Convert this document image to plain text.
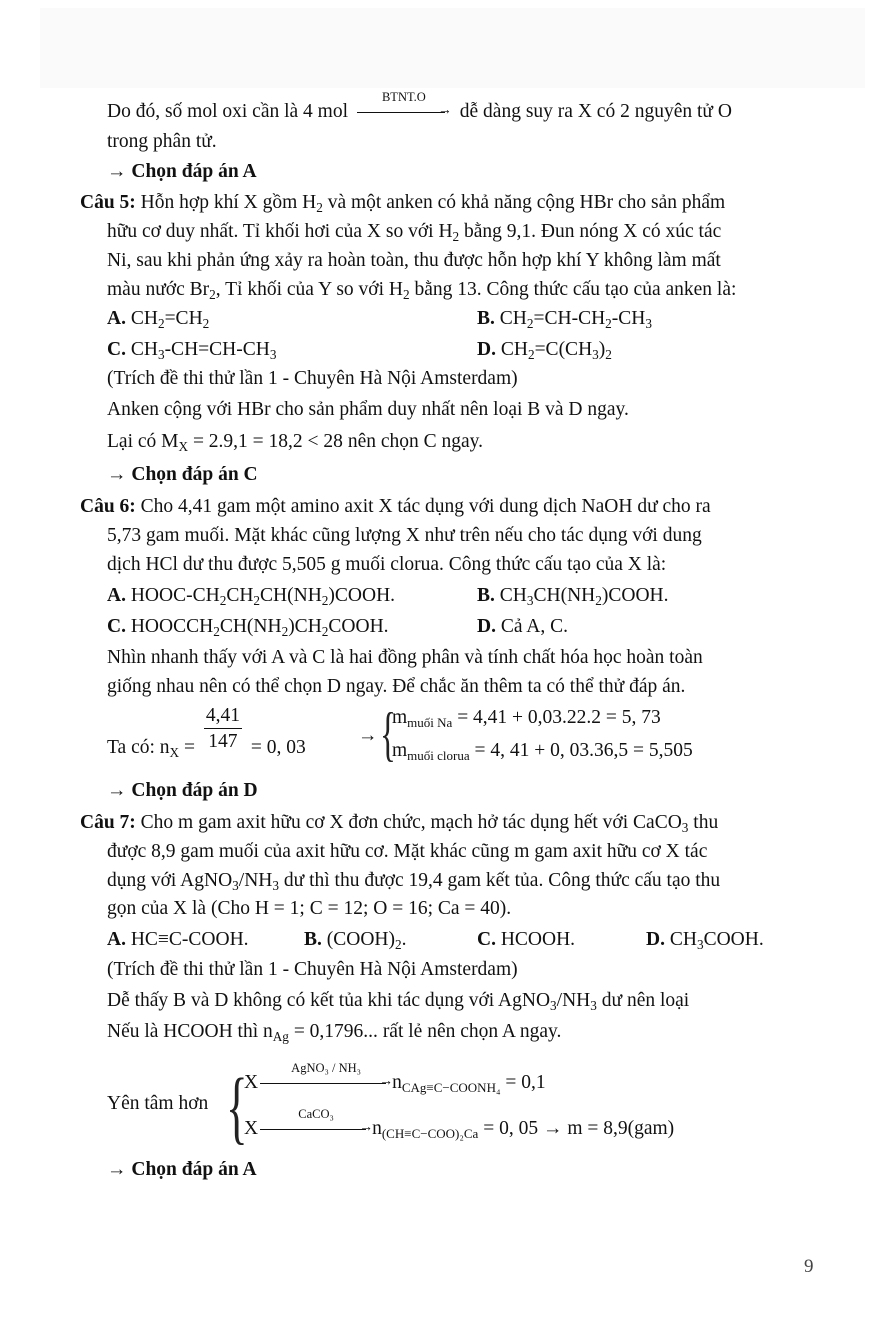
Do đó, số mol oxi cần là 4 mol
BTNT.O
→ dễ dàng suy ra X có 2 nguyên tử O
trong phân tử.
→ Chọn đáp án A
Câu 5: Hỗn hợp khí X gồm $H_2$ và một anken có khả năng cộng HBr cho sản phẩm
hữu cơ duy nhất. Tỉ khối hơi của X so với $H_2$ bằng 9,1. Đun nóng X có xúc tác
Ni, sau khi phản ứng xảy ra hoàn toàn, thu được hỗn hợp khí Y không làm mất
màu nước $Br_2$, Tỉ khối của Y so với $H_2$ bằng 13. Công thức cấu tạo của anken là:
A. $CH_2=CH_2$	B. $CH_2=CH-CH_2-CH_3$
C. $CH_3-CH=CH-CH_3$	D. $CH_2=C(CH_3)_2$
(Trích đề thi thử lần 1 - Chuyên Hà Nội Amsterdam)
Anken cộng với HBr cho sản phẩm duy nhất nên loại B và D ngay.
Lại có $M_X = 2.9,1 = 18,2 < 28$ nên chọn C ngay.
→ Chọn đáp án C
Câu 6: Cho 4,41 gam một amino axit X tác dụng với dung dịch NaOH dư cho ra
5,73 gam muối. Mặt khác cũng lượng X như trên nếu cho tác dụng với dung
dịch HCl dư thu được 5,505 g muối clorua. Công thức cấu tạo của X là:
A. HOOC-$CH_2CH_2CH(NH_2)COOH$.	B. $CH_3CH(NH_2)COOH$.
C. $HOOCCH_2CH(NH_2)CH_2COOH$.	D. Cả A, C.
Nhìn nhanh thấy với A và C là hai đồng phân và tính chất hóa học hoàn toàn
giống nhau nên có thể chọn D ngay. Để chắc ăn thêm ta có thể thử đáp án.
Ta có: $n_X = \frac{4,41}{147} = 0$, 03
→ {
$m_{muối Na} = 4,41 + 0,03.22.2 = 5$, 73
$m_{muối clorua} = 4$, 41 + 0, 03.36,5 = 5,505
→ Chọn đáp án D
Câu 7: Cho m gam axit hữu cơ X đơn chức, mạch hở tác dụng hết với CaCO$_3$ thu
được 8,9 gam muối của axit hữu cơ. Mặt khác cũng m gam axit hữu cơ X tác
dụng với $AgNO_3/NH_3$ dư thì thu được 19,4 gam kết tủa. Công thức cấu tạo thu
gọn của X là (Cho H = 1; C = 12; O = 16; Ca = 40).
A. HC≡C-COOH.	B. $(COOH)_2$.	C. HCOOH.	D. $CH_3COOH$.
(Trích đề thi thử lần 1 - Chuyên Hà Nội Amsterdam)
Dễ thấy B và D không có kết tủa khi tác dụng với $AgNO_3/NH_3$ dư nên loại
Nếu là HCOOH thì $n_{Ag} = 0,1796$... rất lẻ nên chọn A ngay.
Yên tâm hơn {
X
AgNO₃ / NH₃
→ $n_{CAg\equiv C-COONH_4} = 0,1$
X
CaCO₃
→ $n_{(CH\equiv C-COO)_2Ca} = 0$, 05 → m = 8,9(gam)
→ Chọn đáp án A
9
